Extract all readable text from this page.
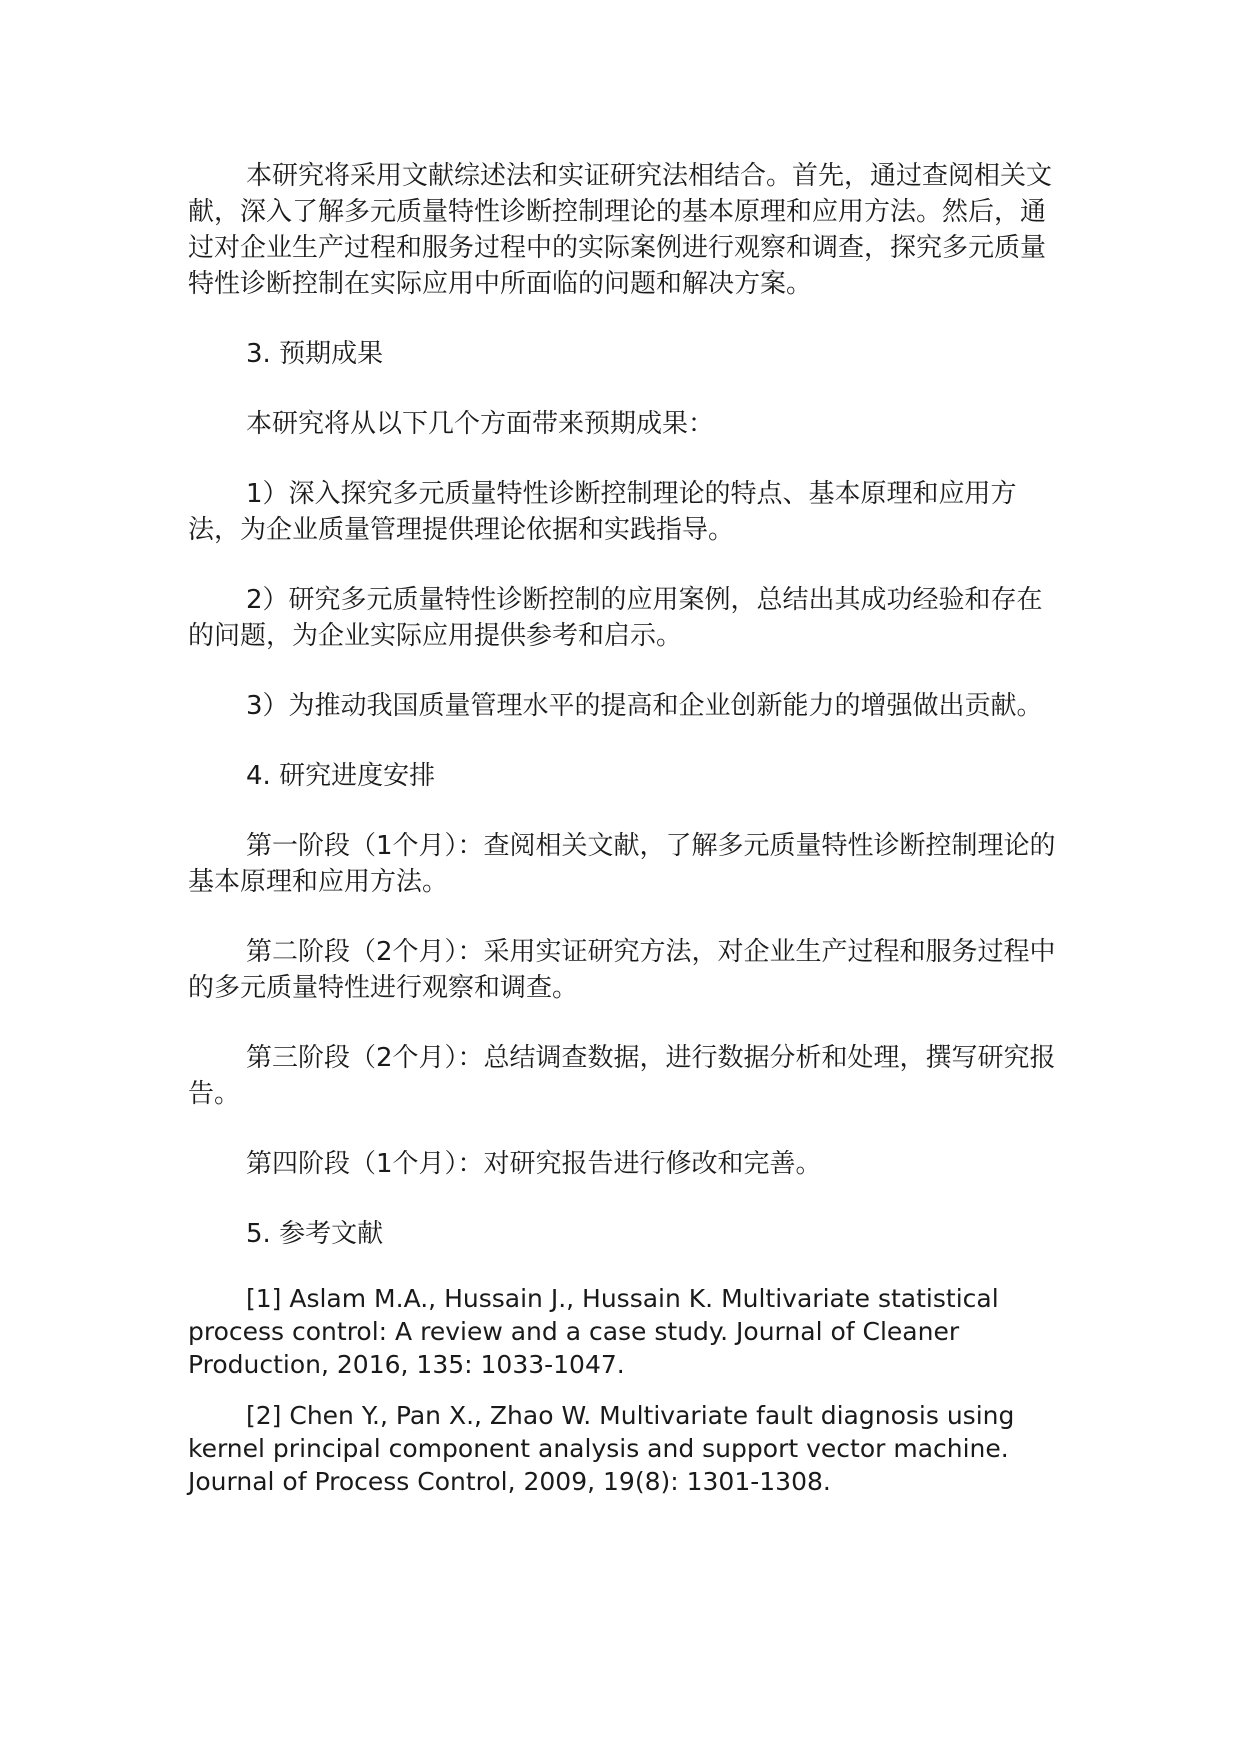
本研究将采用文献综述法和实证研究法相结合。首先，通过查阅相关文献，深入了解多元质量特性诊断控制理论的基本原理和应用方法。然后，通过对企业生产过程和服务过程中的实际案例进行观察和调查，探究多元质量特性诊断控制在实际应用中所面临的问题和解决方案。

3. 预期成果

本研究将从以下几个方面带来预期成果：

1）深入探究多元质量特性诊断控制理论的特点、基本原理和应用方法，为企业质量管理提供理论依据和实践指导。

2）研究多元质量特性诊断控制的应用案例，总结出其成功经验和存在的问题，为企业实际应用提供参考和启示。

3）为推动我国质量管理水平的提高和企业创新能力的增强做出贡献。

4. 研究进度安排

第一阶段（1个月）：查阅相关文献，了解多元质量特性诊断控制理论的基本原理和应用方法。

第二阶段（2个月）：采用实证研究方法，对企业生产过程和服务过程中的多元质量特性进行观察和调查。

第三阶段（2个月）：总结调查数据，进行数据分析和处理，撰写研究报告。

第四阶段（1个月）：对研究报告进行修改和完善。

5. 参考文献

[1] Aslam M.A., Hussain J., Hussain K. Multivariate statistical process control: A review and a case study. Journal of Cleaner Production, 2016, 135: 1033-1047.

[2] Chen Y., Pan X., Zhao W. Multivariate fault diagnosis using kernel principal component analysis and support vector machine. Journal of Process Control, 2009, 19(8): 1301-1308.
